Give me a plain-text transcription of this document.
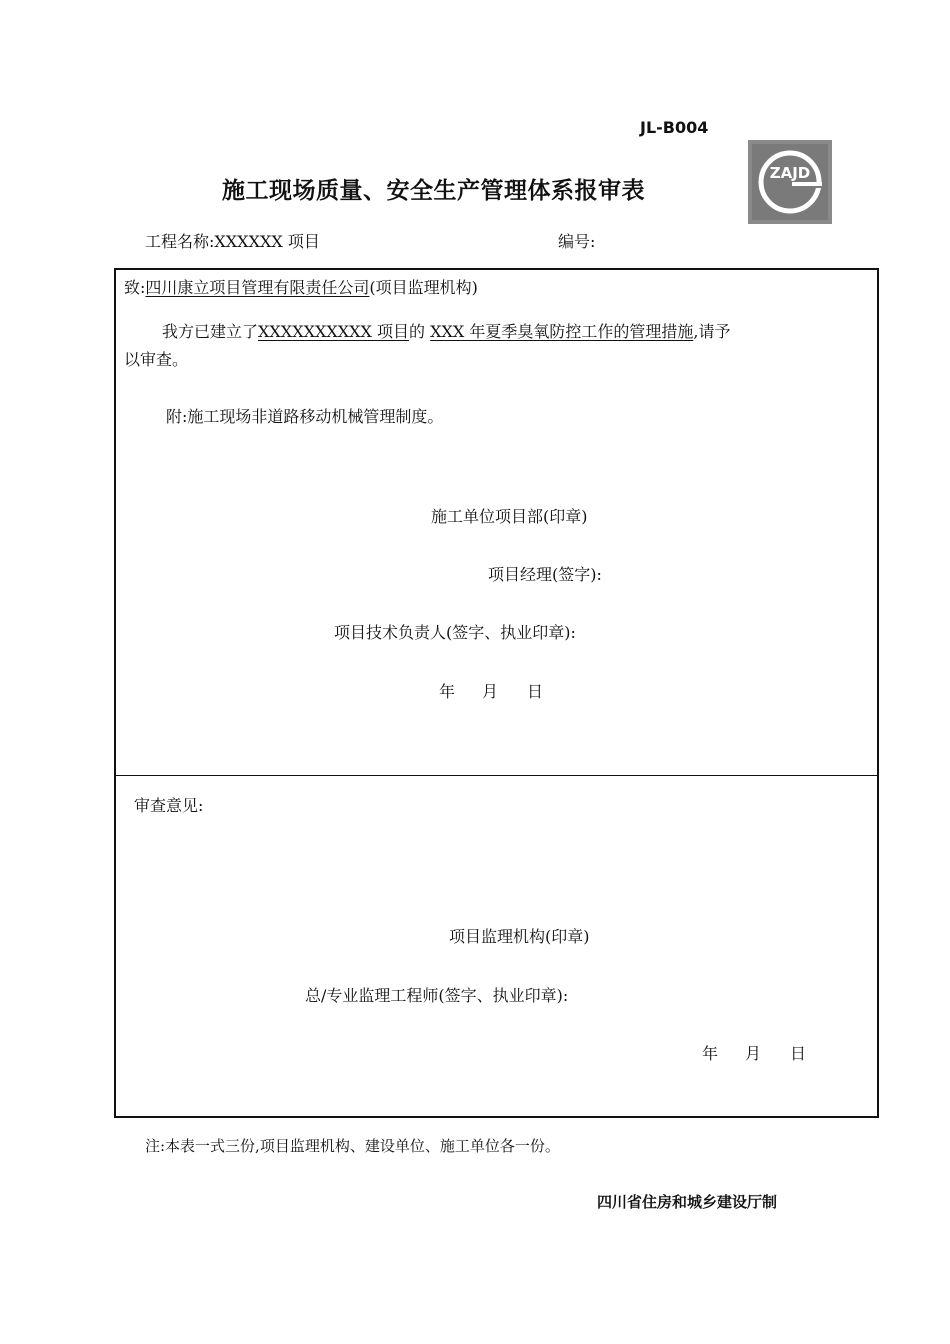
JL-B004
施工现场质量、安全生产管理体系报审表
ZAJD
工程名称:XXXXXX 项目	编号:
致:四川康立项目管理有限责任公司(项目监理机构)
我方已建立了XXXXXXXXXX 项目的 XXX 年夏季臭氧防控工作的管理措施,请予
以审查。
附:施工现场非道路移动机械管理制度。
施工单位项目部(印章)
项目经理(签字):
项目技术负责人(签字、执业印章):
年 月 日
审查意见:
项目监理机构(印章)
总/专业监理工程师(签字、执业印章):
年 月 日
注:本表一式三份,项目监理机构、建设单位、施工单位各一份。
四川省住房和城乡建设厅制
